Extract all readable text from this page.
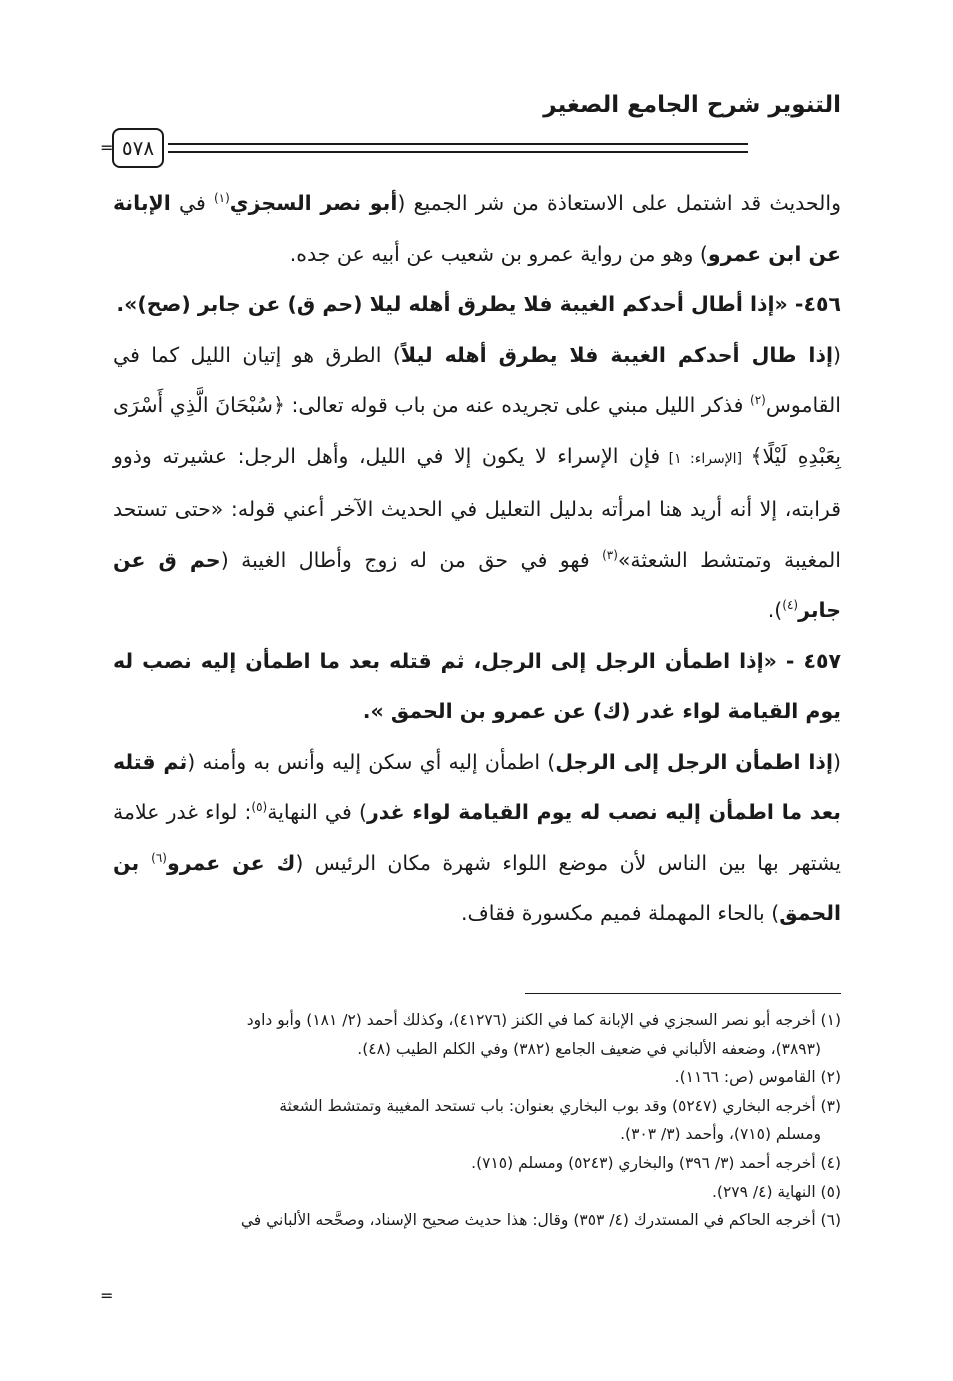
التنوير شرح الجامع الصغير
٥٧٨
=

والحديث قد اشتمل على الاستعاذة من شر الجميع (أبو نصر السجزي$^{(١)}$ في الإبانة عن ابن عمرو) وهو من رواية عمرو بن شعيب عن أبيه عن جده.

٤٥٦- «إذا أطال أحدكم الغيبة فلا يطرق أهله ليلا (حم ق) عن جابر (صح)».

(إذا طال أحدكم الغيبة فلا يطرق أهله ليلاً) الطرق هو إتيان الليل كما في القاموس$^{(٢)}$ فذكر الليل مبني على تجريده عنه من باب قوله تعالى: ﴿سُبْحَانَ الَّذِي أَسْرَى بِعَبْدِهِ لَيْلًا﴾ [الإسراء: ١] فإن الإسراء لا يكون إلا في الليل، وأهل الرجل: عشيرته وذوو قرابته، إلا أنه أريد هنا امرأته بدليل التعليل في الحديث الآخر أعني قوله: «حتى تستحد المغيبة وتمتشط الشعثة»$^{(٣)}$ فهو في حق من له زوج وأطال الغيبة (حم ق عن جابر$^{(٤)}$).

٤٥٧ - «إذا اطمأن الرجل إلى الرجل، ثم قتله بعد ما اطمأن إليه نصب له يوم القيامة لواء غدر (ك) عن عمرو بن الحمق ».

(إذا اطمأن الرجل إلى الرجل) اطمأن إليه أي سكن إليه وأنس به وأمنه (ثم قتله بعد ما اطمأن إليه نصب له يوم القيامة لواء غدر) في النهاية$^{(٥)}$: لواء غدر علامة يشتهر بها بين الناس لأن موضع اللواء شهرة مكان الرئيس (ك عن عمرو$^{(٦)}$ بن الحمق) بالحاء المهملة فميم مكسورة فقاف.

(١) أخرجه أبو نصر السجزي في الإبانة كما في الكنز (٤١٢٧٦)، وكذلك أحمد (٢/ ١٨١) وأبو داود

(٣٨٩٣)، وضعفه الألباني في ضعيف الجامع (٣٨٢) وفي الكلم الطيب (٤٨).

(٢) القاموس (ص: ١١٦٦).

(٣) أخرجه البخاري (٥٢٤٧) وقد بوب البخاري بعنوان: باب تستحد المغيبة وتمتشط الشعثة

ومسلم (٧١٥)، وأحمد (٣/ ٣٠٣).

(٤) أخرجه أحمد (٣/ ٣٩٦) والبخاري (٥٢٤٣) ومسلم (٧١٥).

(٥) النهاية (٤/ ٢٧٩).

(٦) أخرجه الحاكم في المستدرك (٤/ ٣٥٣) وقال: هذا حديث صحيح الإسناد، وصحَّحه الألباني في

=
